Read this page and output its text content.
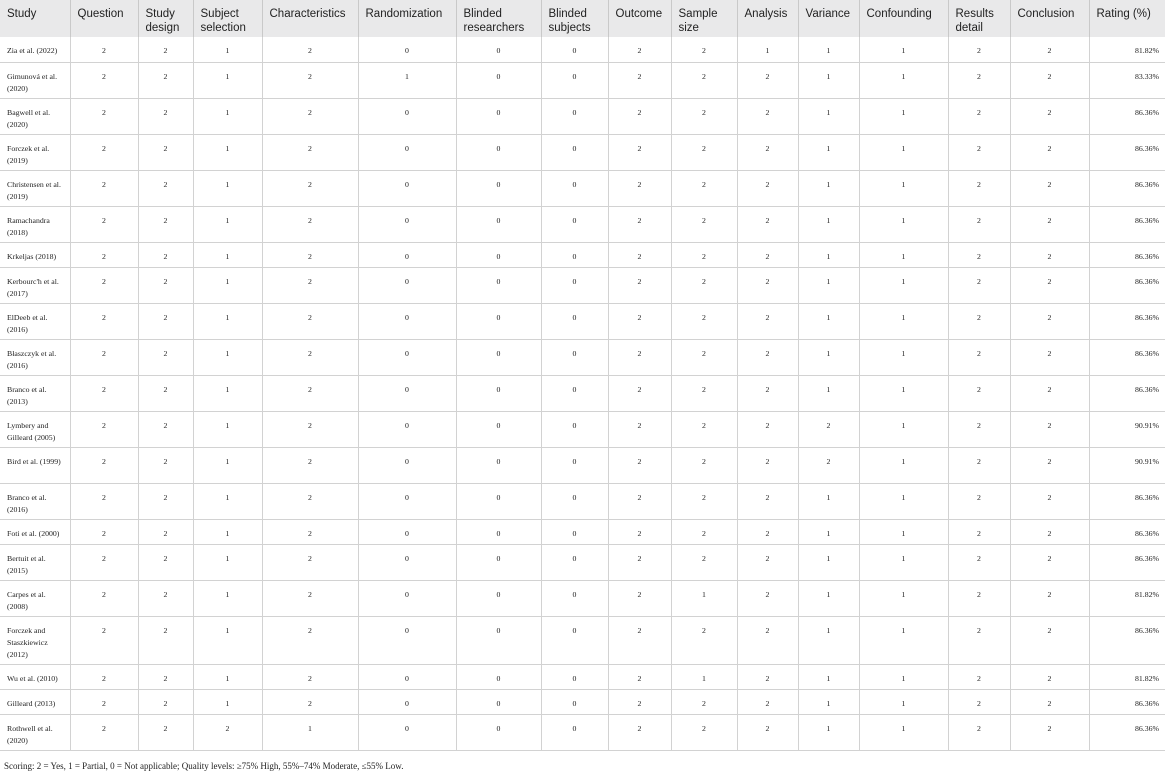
Study	Question	Study design	Subject selection	Characteristics	Randomization	Blinded researchers	Blinded subjects	Outcome	Sample size	Analysis	Variance	Confounding	Results detail	Conclusion	Rating (%)

Zia et al. (2022)	2	2	1	2	0	0	0	2	2	1	1	1	2	2	81.82%

Gimunová et al. (2020)	2	2	1	2	1	0	0	2	2	2	1	1	2	2	83.33%

Bagwell et al. (2020)	2	2	1	2	0	0	0	2	2	2	1	1	2	2	86.36%

Forczek et al. (2019)	2	2	1	2	0	0	0	2	2	2	1	1	2	2	86.36%

Christensen et al. (2019)	2	2	1	2	0	0	0	2	2	2	1	1	2	2	86.36%

Ramachandra (2018)	2	2	1	2	0	0	0	2	2	2	1	1	2	2	86.36%

Krkeljas (2018)	2	2	1	2	0	0	0	2	2	2	1	1	2	2	86.36%

Kerbourc'h et al. (2017)	2	2	1	2	0	0	0	2	2	2	1	1	2	2	86.36%

ElDeeb et al. (2016)	2	2	1	2	0	0	0	2	2	2	1	1	2	2	86.36%

Błaszczyk et al. (2016)	2	2	1	2	0	0	0	2	2	2	1	1	2	2	86.36%

Branco et al. (2013)	2	2	1	2	0	0	0	2	2	2	1	1	2	2	86.36%

Lymbery and Gilleard (2005)	2	2	1	2	0	0	0	2	2	2	2	1	2	2	90.91%

Bird et al. (1999)	2	2	1	2	0	0	0	2	2	2	2	1	2	2	90.91%

Branco et al. (2016)	2	2	1	2	0	0	0	2	2	2	1	1	2	2	86.36%

Foti et al. (2000)	2	2	1	2	0	0	0	2	2	2	1	1	2	2	86.36%

Bertuit et al. (2015)	2	2	1	2	0	0	0	2	2	2	1	1	2	2	86.36%

Carpes et al. (2008)	2	2	1	2	0	0	0	2	1	2	1	1	2	2	81.82%

Forczek and Staszkiewicz (2012)	2	2	1	2	0	0	0	2	2	2	1	1	2	2	86.36%

Wu et al. (2010)	2	2	1	2	0	0	0	2	1	2	1	1	2	2	81.82%

Gilleard (2013)	2	2	1	2	0	0	0	2	2	2	1	1	2	2	86.36%

Rothwell et al. (2020)	2	2	2	1	0	0	0	2	2	2	1	1	2	2	86.36%
Scoring: 2 = Yes, 1 = Partial, 0 = Not applicable; Quality levels: ≥75% High, 55%–74% Moderate, ≤55% Low.
